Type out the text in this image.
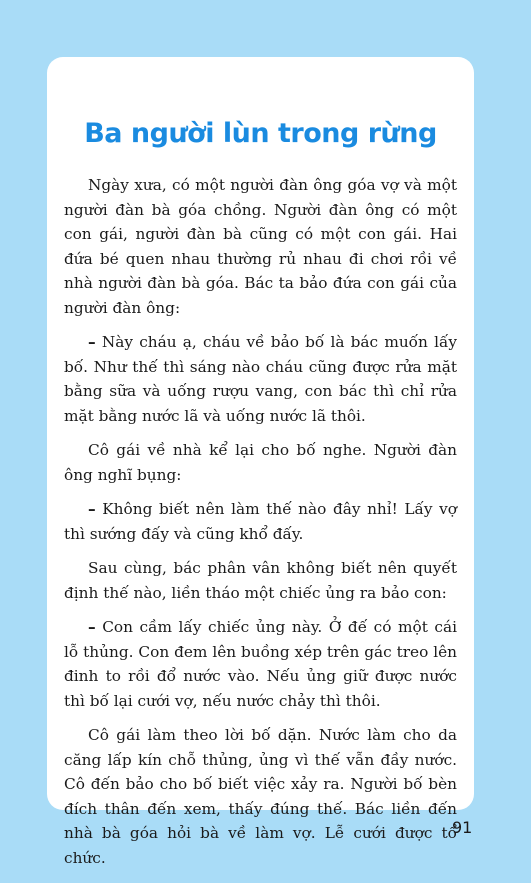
Ba người lùn trong rừng

Ngày xưa, có một người đàn ông góa vợ và một người đàn bà góa chồng. Người đàn ông có một con gái, người đàn bà cũng có một con gái. Hai đứa bé quen nhau thường rủ nhau đi chơi rồi về nhà người đàn bà góa. Bác ta bảo đứa con gái của người đàn ông:

– Này cháu ạ, cháu về bảo bố là bác muốn lấy bố. Như thế thì sáng nào cháu cũng được rửa mặt bằng sữa và uống rượu vang, con bác thì chỉ rửa mặt bằng nước lã và uống nước lã thôi.

Cô gái về nhà kể lại cho bố nghe. Người đàn ông nghĩ bụng:

– Không biết nên làm thế nào đây nhỉ! Lấy vợ thì sướng đấy và cũng khổ đấy.

Sau cùng, bác phân vân không biết nên quyết định thế nào, liền tháo một chiếc ủng ra bảo con:

– Con cầm lấy chiếc ủng này. Ở đế có một cái lỗ thủng. Con đem lên buồng xép trên gác treo lên đinh to rồi đổ nước vào. Nếu ủng giữ được nước thì bố lại cưới vợ, nếu nước chảy thì thôi.

Cô gái làm theo lời bố dặn. Nước làm cho da căng lấp kín chỗ thủng, ủng vì thế vẫn đầy nước. Cô đến bảo cho bố biết việc xảy ra. Người bố bèn đích thân đến xem, thấy đúng thế. Bác liền đến nhà bà góa hỏi bà về làm vợ. Lễ cưới được tổ chức.

91
